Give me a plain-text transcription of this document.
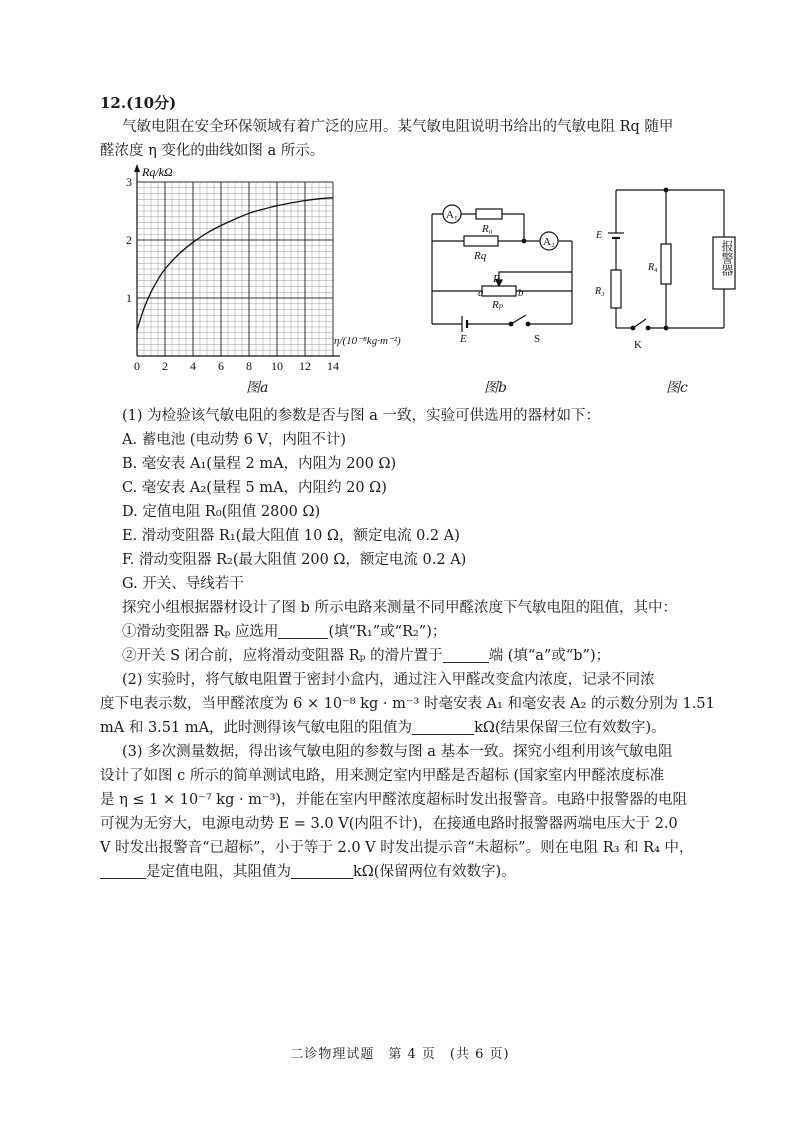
12.(10分)
气敏电阻在安全环保领域有着广泛的应用。某气敏电阻说明书给出的气敏电阻 Rq 随甲
醛浓度 η 变化的曲线如图 a 所示。
0 2 4 6 8 10 12 14
1
2
3
Rq/kΩ
η/(10⁻⁸kg·m⁻²)
图a
A₁
A₂
R₀
Rq
P
a	b
Rₚ
E	S
图b
E
R₃
R₄
K
报警器
图c
(1) 为检验该气敏电阻的参数是否与图 a 一致，实验可供选用的器材如下：
A. 蓄电池 (电动势 6 V，内阻不计)
B. 毫安表 A₁(量程 2 mA，内阻为 200 Ω)
C. 毫安表 A₂(量程 5 mA，内阻约 20 Ω)
D. 定值电阻 R₀(阻值 2800 Ω)
E. 滑动变阻器 R₁(最大阻值 10 Ω，额定电流 0.2 A)
F. 滑动变阻器 R₂(最大阻值 200 Ω，额定电流 0.2 A)
G. 开关、导线若干
探究小组根据器材设计了图 b 所示电路来测量不同甲醛浓度下气敏电阻的阻值，其中：
①滑动变阻器 Rₚ 应选用	(填“R₁”或“R₂”)；
②开关 S 闭合前，应将滑动变阻器 Rₚ 的滑片置于	端 (填“a”或“b”)；
(2) 实验时，将气敏电阻置于密封小盒内，通过注入甲醛改变盒内浓度，记录不同浓
度下电表示数，当甲醛浓度为 6 × 10⁻⁸ kg · m⁻³ 时毫安表 A₁ 和毫安表 A₂ 的示数分别为 1.51
mA 和 3.51 mA，此时测得该气敏电阻的阻值为	kΩ(结果保留三位有效数字)。
(3) 多次测量数据，得出该气敏电阻的参数与图 a 基本一致。探究小组利用该气敏电阻
设计了如图 c 所示的简单测试电路，用来测定室内甲醛是否超标 (国家室内甲醛浓度标准
是 η ≤ 1 × 10⁻⁷ kg · m⁻³)，并能在室内甲醛浓度超标时发出报警音。电路中报警器的电阻
可视为无穷大，电源电动势 E = 3.0 V(内阻不计)，在接通电路时报警器两端电压大于 2.0
V 时发出报警音“已超标”，小于等于 2.0 V 时发出提示音“未超标”。则在电阻 R₃ 和 R₄ 中，
是定值电阻，其阻值为	kΩ(保留两位有效数字)。
二诊物理试题　第 4 页　(共 6 页)
